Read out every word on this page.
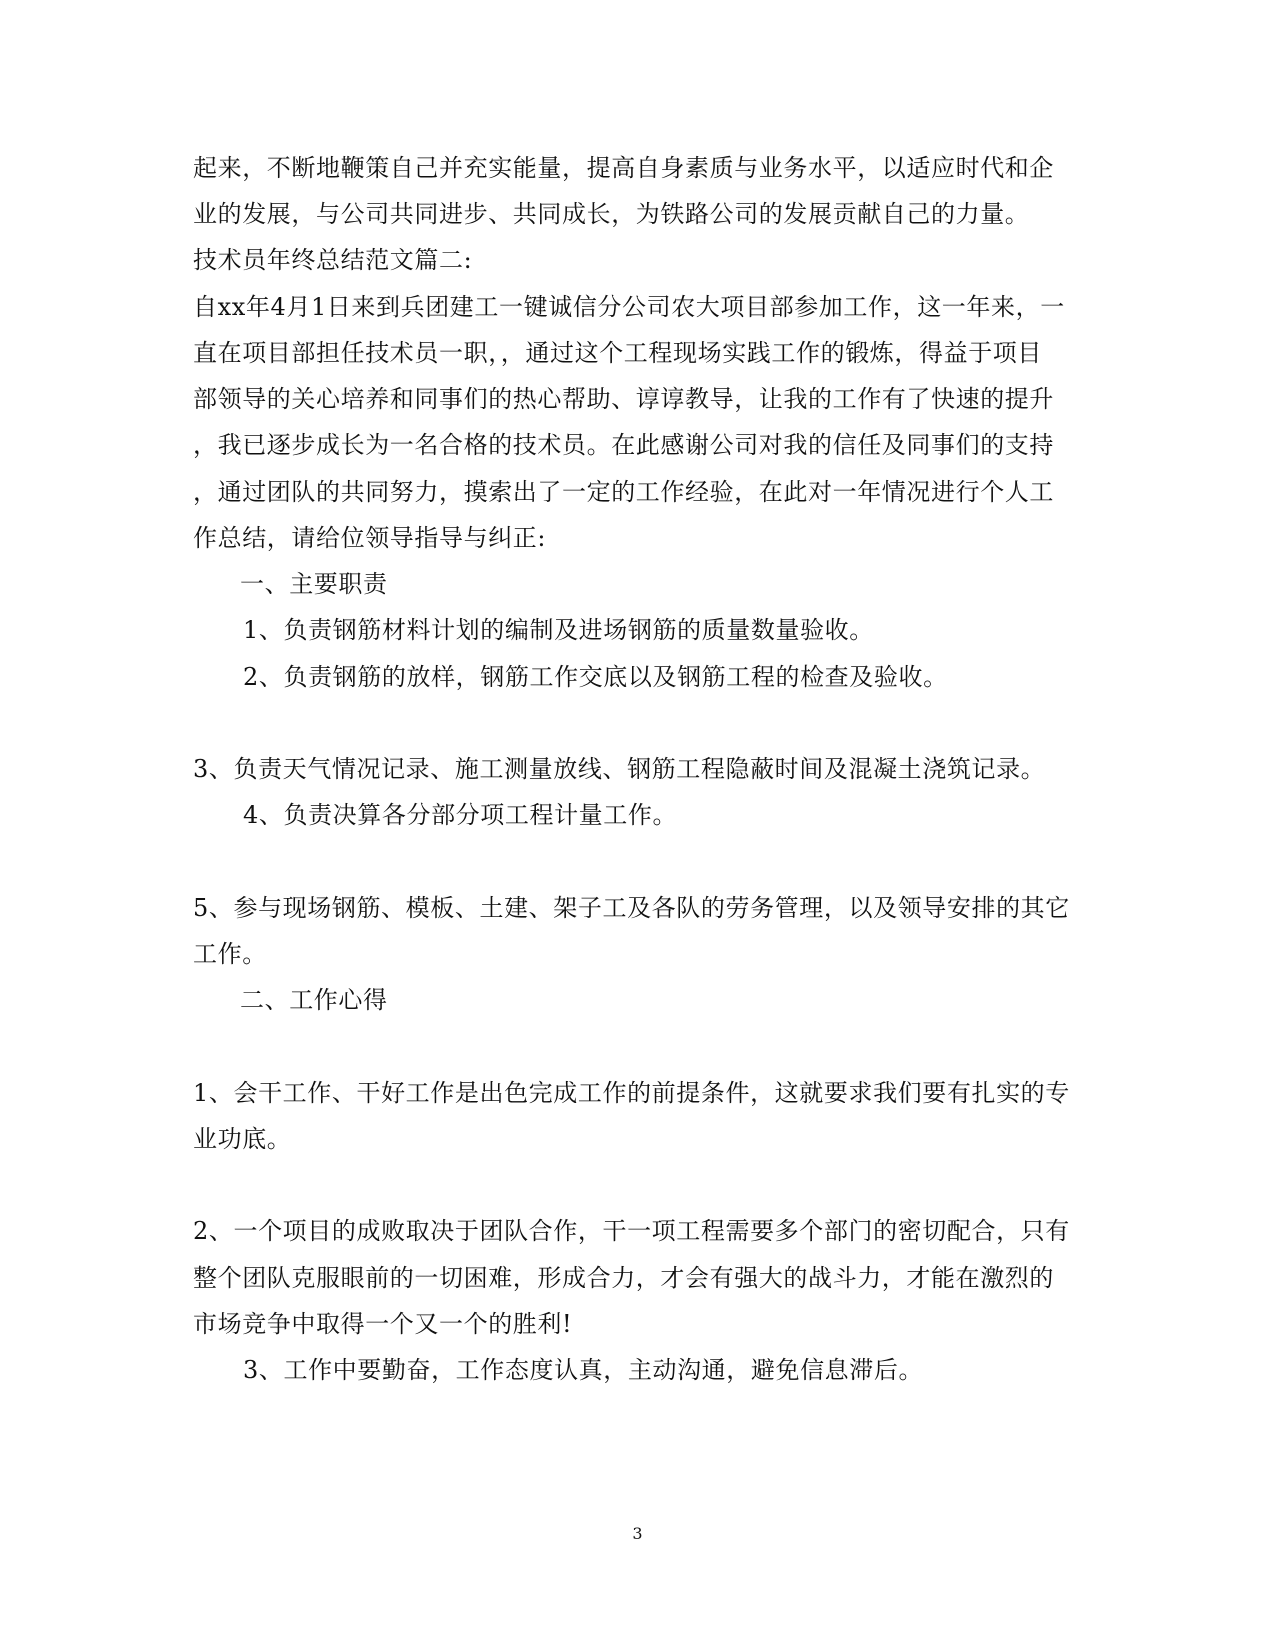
起来，不断地鞭策自己并充实能量，提高自身素质与业务水平，以适应时代和企
业的发展，与公司共同进步、共同成长，为铁路公司的发展贡献自己的力量。
技术员年终总结范文篇二:
自xx年4月1日来到兵团建工一键诚信分公司农大项目部参加工作，这一年来，一
直在项目部担任技术员一职，，通过这个工程现场实践工作的锻炼，得益于项目
部领导的关心培养和同事们的热心帮助、谆谆教导，让我的工作有了快速的提升
，我已逐步成长为一名合格的技术员。在此感谢公司对我的信任及同事们的支持
，通过团队的共同努力，摸索出了一定的工作经验，在此对一年情况进行个人工
作总结，请给位领导指导与纠正:
一、主要职责
1、负责钢筋材料计划的编制及进场钢筋的质量数量验收。
2、负责钢筋的放样，钢筋工作交底以及钢筋工程的检查及验收。
3、负责天气情况记录、施工测量放线、钢筋工程隐蔽时间及混凝土浇筑记录。
4、负责决算各分部分项工程计量工作。
5、参与现场钢筋、模板、土建、架子工及各队的劳务管理，以及领导安排的其它
工作。
二、工作心得
1、会干工作、干好工作是出色完成工作的前提条件，这就要求我们要有扎实的专
业功底。
2、一个项目的成败取决于团队合作，干一项工程需要多个部门的密切配合，只有
整个团队克服眼前的一切困难，形成合力，才会有强大的战斗力，才能在激烈的
市场竞争中取得一个又一个的胜利!
3、工作中要勤奋，工作态度认真，主动沟通，避免信息滞后。
3
